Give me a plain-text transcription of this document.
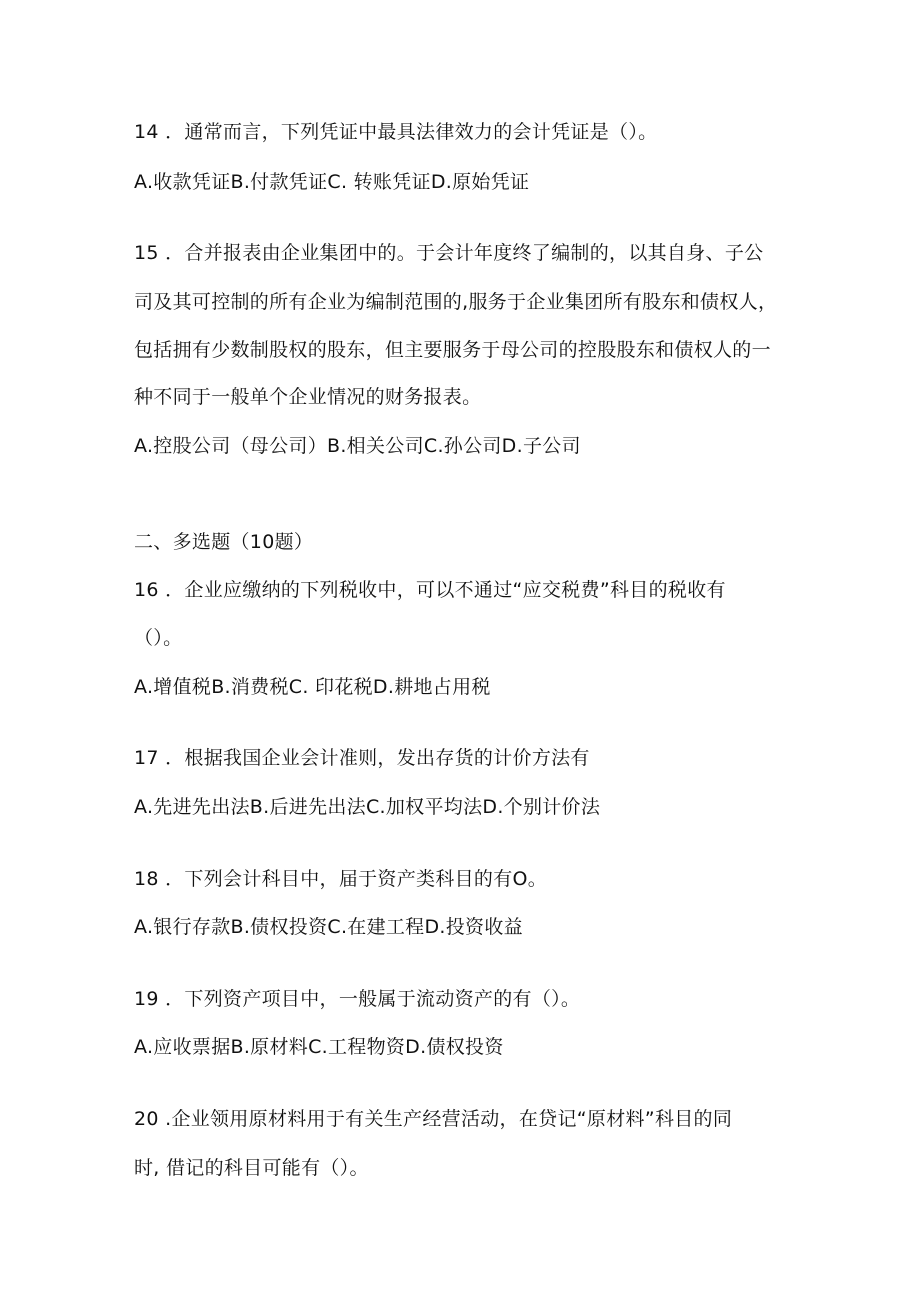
14 ．通常而言，下列凭证中最具法律效力的会计凭证是（）。
A.收款凭证B.付款凭证C. 转账凭证D.原始凭证
15 ．合并报表由企业集团中的。于会计年度终了编制的，以其自身、子公
司及其可控制的所有企业为编制范围的,服务于企业集团所有股东和债权人，
包括拥有少数制股权的股东，但主要服务于母公司的控股股东和债权人的一
种不同于一般单个企业情况的财务报表。
A.控股公司（母公司）B.相关公司C.孙公司D.子公司
二、多选题（10题）
16 ．企业应缴纳的下列税收中，可以不通过“应交税费”科目的税收有
（）。
A.增值税B.消费税C. 印花税D.耕地占用税
17 ．根据我国企业会计准则，发出存货的计价方法有
A.先进先出法B.后进先出法C.加权平均法D.个别计价法
18 ．下列会计科目中，届于资产类科目的有O。
A.银行存款B.债权投资C.在建工程D.投资收益
19 ．下列资产项目中，一般属于流动资产的有（）。
A.应收票据B.原材料C.工程物资D.债权投资
20 .企业领用原材料用于有关生产经营活动，在贷记“原材料”科目的同
时, 借记的科目可能有（）。
